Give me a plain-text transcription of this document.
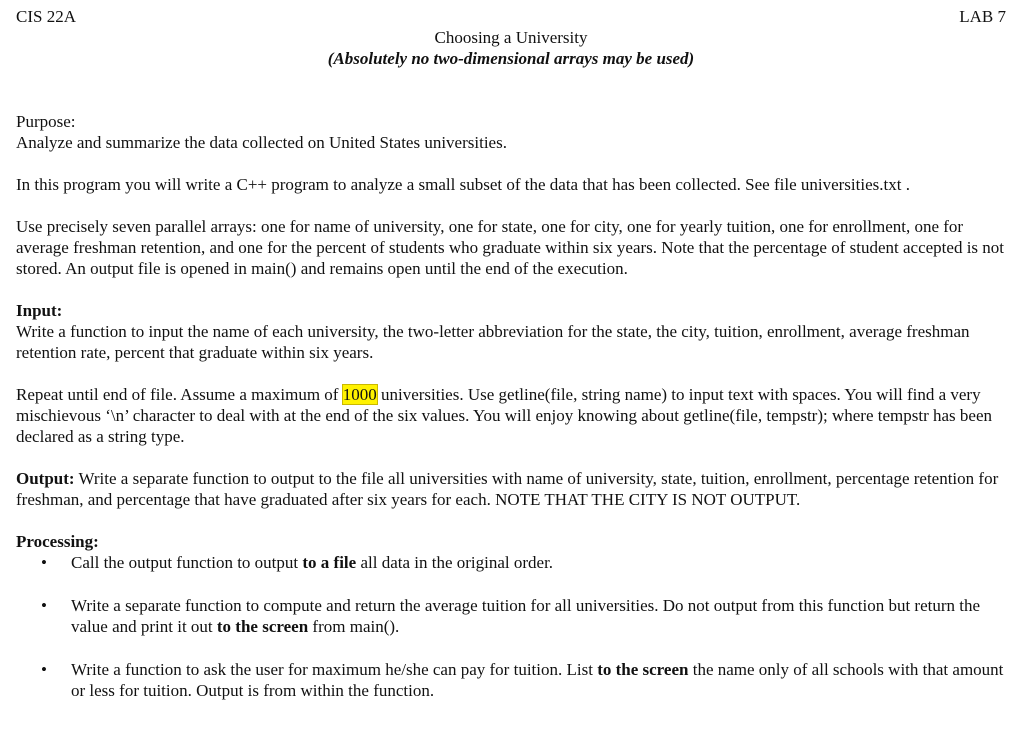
CIS 22A	LAB 7
Choosing a University
(Absolutely no two-dimensional arrays may be used)
Purpose:
Analyze and summarize the data collected on United States universities.
In this program you will write a C++ program to analyze a small subset of the data that has been collected. See file universities.txt .
Use precisely seven parallel arrays: one for name of university, one for state, one for city, one for yearly tuition, one for enrollment, one for average freshman retention, and one for the percent of students who graduate within six years. Note that the percentage of student accepted is not stored. An output file is opened in main() and remains open until the end of the execution.
Input:
Write a function to input the name of each university, the two-letter abbreviation for the state, the city, tuition, enrollment, average freshman retention rate, percent that graduate within six years.
Repeat until end of file. Assume a maximum of 1000 universities. Use getline(file, string name) to input text with spaces. You will find a very mischievous ‘\n’ character to deal with at the end of the six values. You will enjoy knowing about getline(file, tempstr); where tempstr has been declared as a string type.
Output: Write a separate function to output to the file all universities with name of university, state, tuition, enrollment, percentage retention for freshman, and percentage that have graduated after six years for each. NOTE THAT THE CITY IS NOT OUTPUT.
Processing:
• Call the output function to output to a file all data in the original order.
• Write a separate function to compute and return the average tuition for all universities. Do not output from this function but return the value and print it out to the screen from main().
• Write a function to ask the user for maximum he/she can pay for tuition. List to the screen the name only of all schools with that amount or less for tuition. Output is from within the function.
